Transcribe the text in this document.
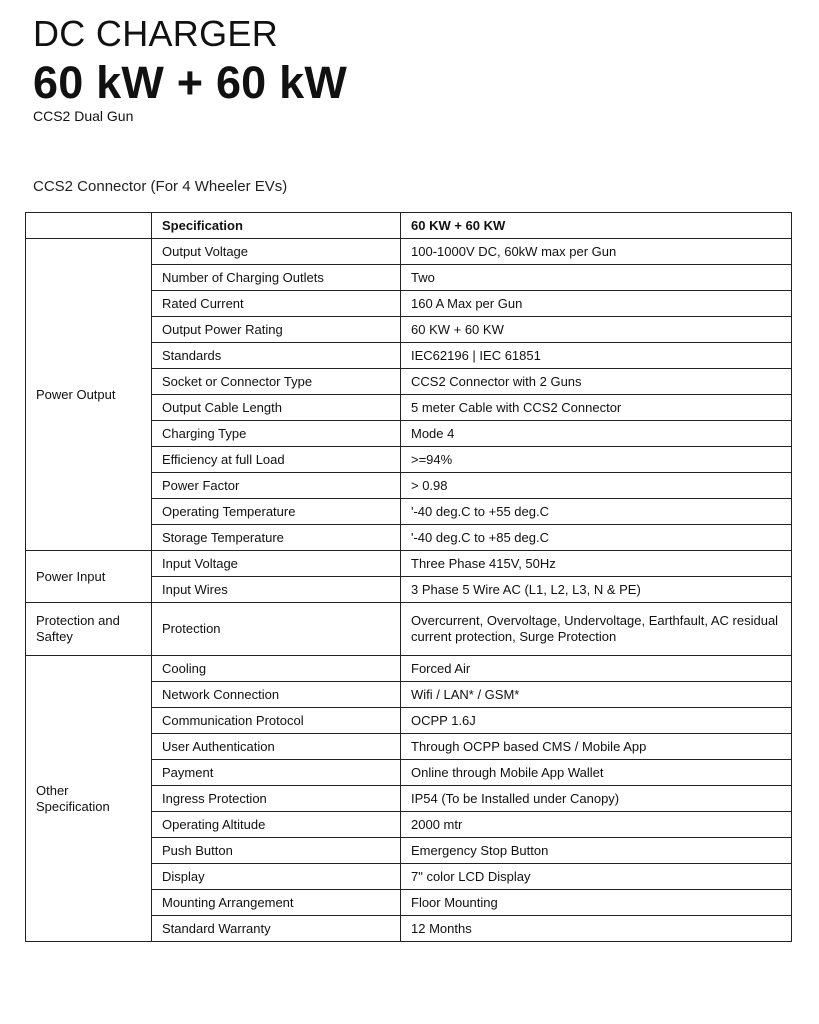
DC CHARGER
60 kW + 60 kW
CCS2 Dual Gun
CCS2 Connector (For 4 Wheeler EVs)
	Specification	60 KW + 60 KW
Power Output	Output Voltage	100-1000V DC, 60kW max per Gun
	Number of Charging Outlets	Two
	Rated Current	160 A Max per Gun
	Output Power Rating	60 KW + 60 KW
	Standards	IEC62196 | IEC 61851
	Socket or Connector Type	CCS2 Connector with 2 Guns
	Output Cable Length	5 meter Cable with CCS2 Connector
	Charging Type	Mode 4
	Efficiency at full Load	>=94%
	Power Factor	> 0.98
	Operating Temperature	'-40 deg.C to +55 deg.C
	Storage Temperature	'-40 deg.C to +85 deg.C
Power Input	Input Voltage	Three Phase 415V, 50Hz
	Input Wires	3 Phase 5 Wire AC (L1, L2, L3, N & PE)
Protection and Saftey	Protection	Overcurrent, Overvoltage, Undervoltage, Earthfault, AC residual current protection, Surge Protection
Other Specification	Cooling	Forced Air
	Network Connection	Wifi / LAN* / GSM*
	Communication Protocol	OCPP 1.6J
	User Authentication	Through OCPP based CMS / Mobile App
	Payment	Online through Mobile App Wallet
	Ingress Protection	IP54 (To be Installed under Canopy)
	Operating Altitude	2000 mtr
	Push Button	Emergency Stop Button
	Display	7" color LCD Display
	Mounting Arrangement	Floor Mounting
	Standard Warranty	12 Months
